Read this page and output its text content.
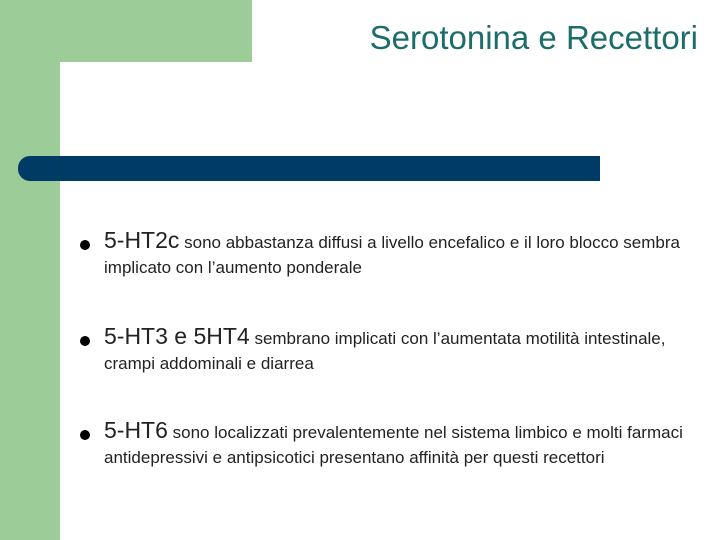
Serotonina e Recettori
5-HT2c sono abbastanza diffusi a livello encefalico e il loro blocco sembra implicato con l’aumento ponderale
5-HT3 e 5HT4 sembrano implicati con l’aumentata motilità intestinale, crampi addominali e diarrea
5-HT6 sono localizzati prevalentemente nel sistema limbico e molti farmaci antidepressivi e antipsicotici presentano affinità per questi recettori
